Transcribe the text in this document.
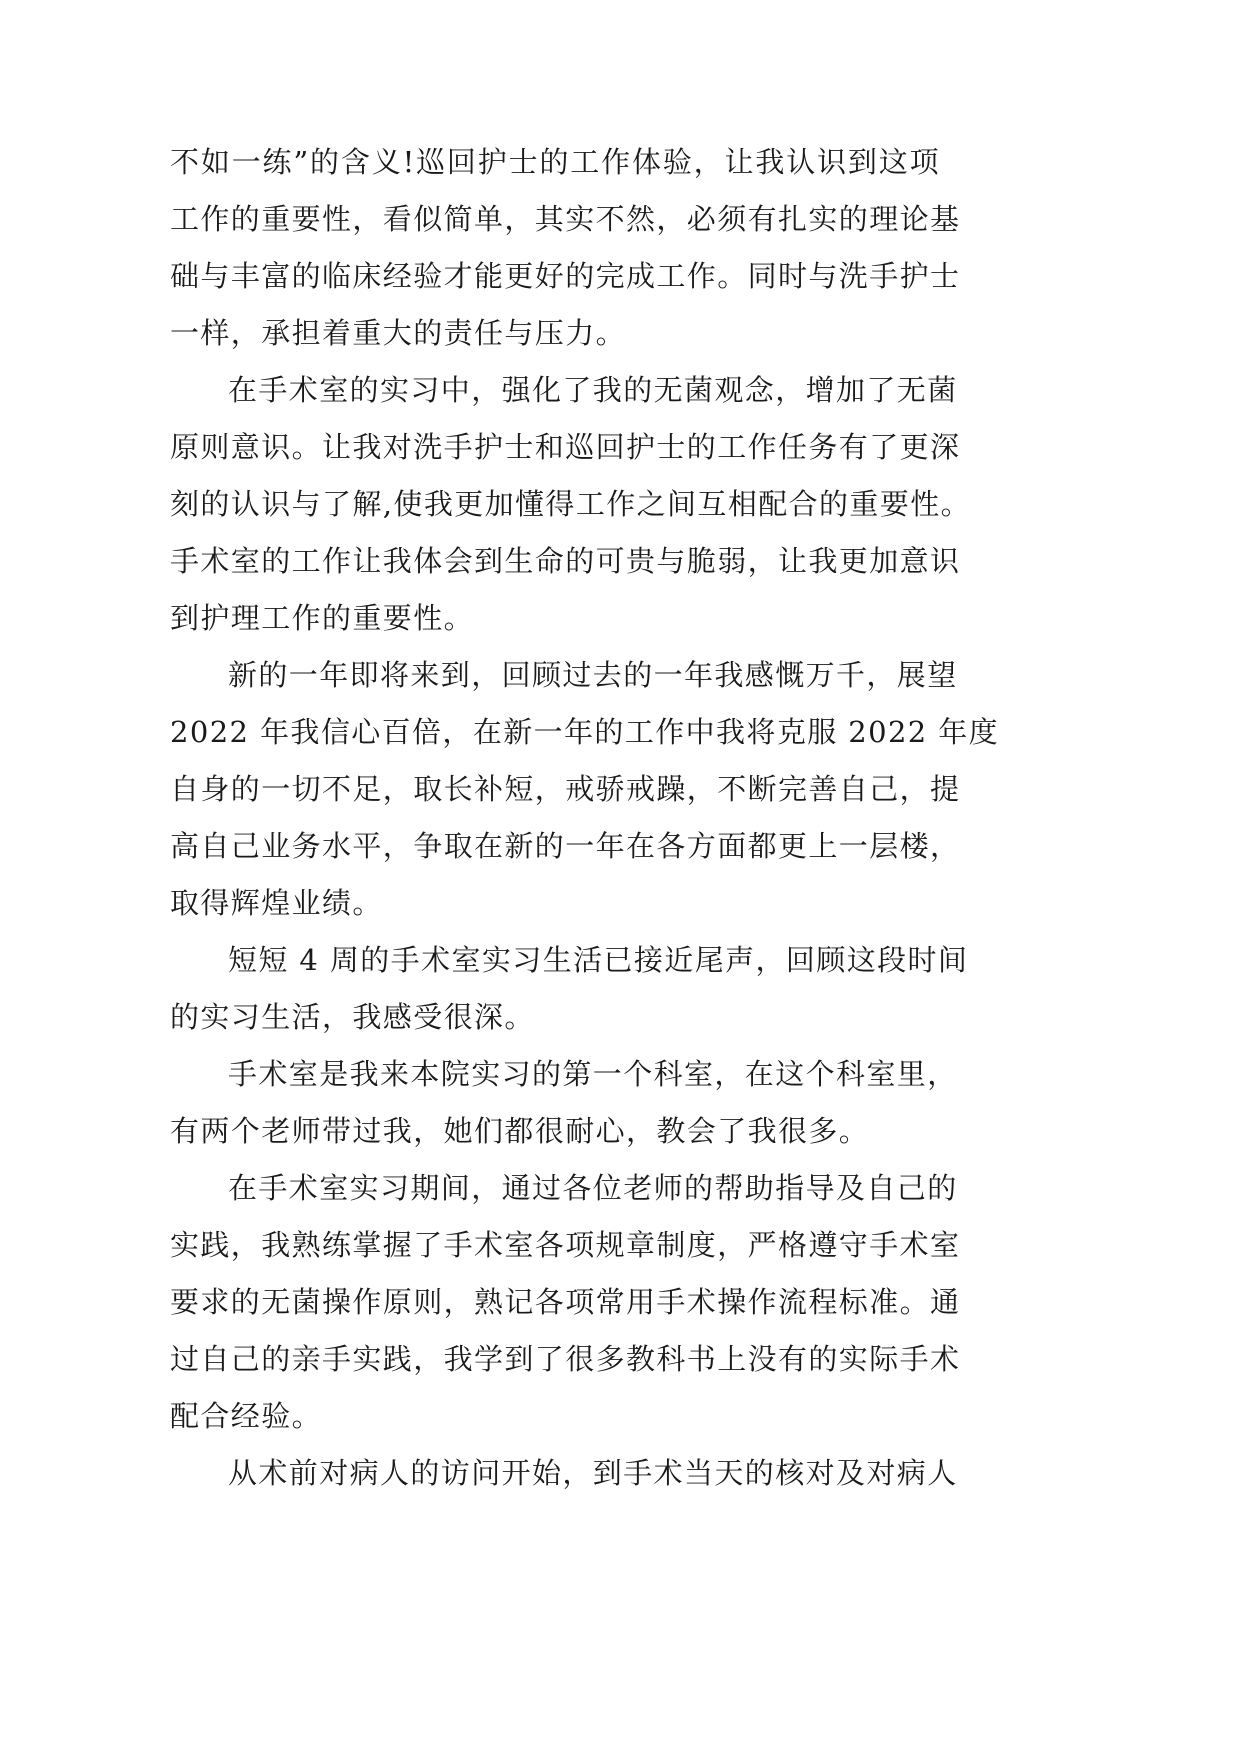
不如一练”的含义!巡回护士的工作体验，让我认识到这项
工作的重要性，看似简单，其实不然，必须有扎实的理论基
础与丰富的临床经验才能更好的完成工作。同时与洗手护士
一样，承担着重大的责任与压力。
在手术室的实习中，强化了我的无菌观念，增加了无菌
原则意识。让我对洗手护士和巡回护士的工作任务有了更深
刻的认识与了解,使我更加懂得工作之间互相配合的重要性。
手术室的工作让我体会到生命的可贵与脆弱，让我更加意识
到护理工作的重要性。
新的一年即将来到，回顾过去的一年我感慨万千，展望
2022 年我信心百倍，在新一年的工作中我将克服 2022 年度
自身的一切不足，取长补短，戒骄戒躁，不断完善自己，提
高自己业务水平，争取在新的一年在各方面都更上一层楼，
取得辉煌业绩。
短短 4 周的手术室实习生活已接近尾声，回顾这段时间
的实习生活，我感受很深。
手术室是我来本院实习的第一个科室，在这个科室里，
有两个老师带过我，她们都很耐心，教会了我很多。
在手术室实习期间，通过各位老师的帮助指导及自己的
实践，我熟练掌握了手术室各项规章制度，严格遵守手术室
要求的无菌操作原则，熟记各项常用手术操作流程标准。通
过自己的亲手实践，我学到了很多教科书上没有的实际手术
配合经验。
从术前对病人的访问开始，到手术当天的核对及对病人
